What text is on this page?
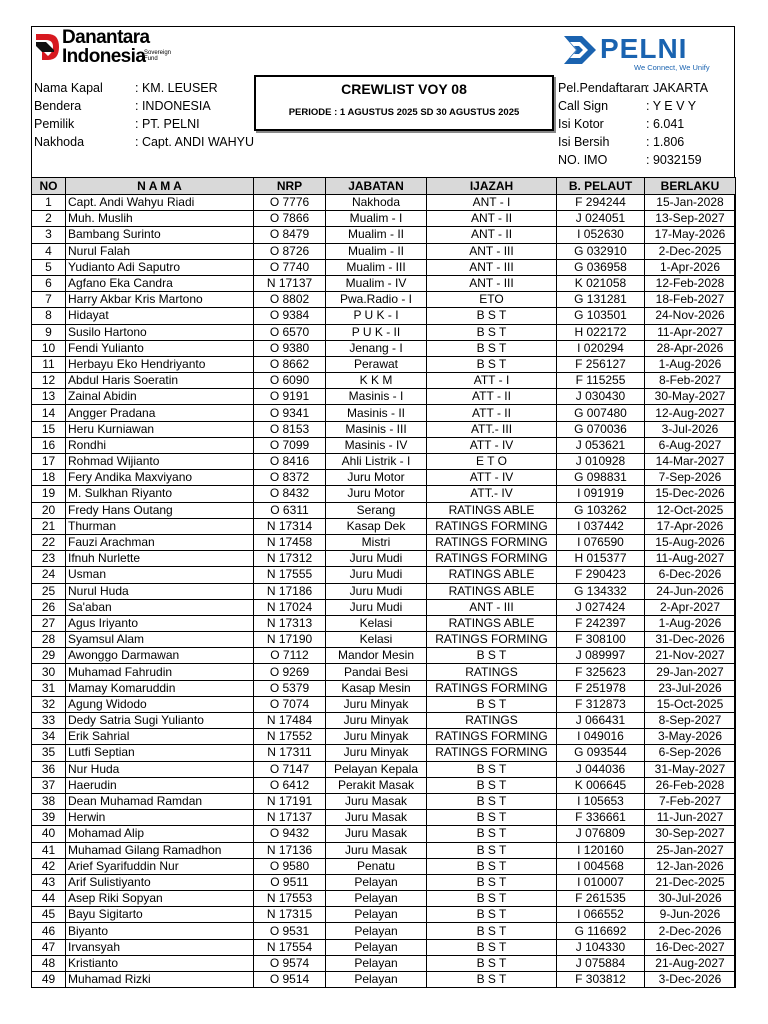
Danantara
Indonesia
Sovereign Fund	PELNI
We Connect, We Unify
Nama Kapal	: KM. LEUSER
Bendera	: INDONESIA
Pemilik	: PT. PELNI
Nakhoda	: Capt. ANDI WAHYU
CREWLIST VOY 08
PERIODE : 1 AGUSTUS 2025 SD 30 AGUSTUS 2025
Pel.Pendaftaran: JAKARTA
Call Sign	: Y E V Y
Isi Kotor	: 6.041
Isi Bersih	: 1.806
NO. IMO	: 9032159
NO	N A M A	NRP	JABATAN	IJAZAH	B. PELAUT	BERLAKU
1	Capt. Andi Wahyu Riadi	O 7776	Nakhoda	ANT - I	F 294244	15-Jan-2028
2	Muh. Muslih	O 7866	Mualim - I	ANT - II	J 024051	13-Sep-2027
3	Bambang Surinto	O 8479	Mualim - II	ANT - II	I 052630	17-May-2026
4	Nurul Falah	O 8726	Mualim - II	ANT - III	G 032910	2-Dec-2025
5	Yudianto Adi Saputro	O 7740	Mualim - III	ANT - III	G 036958	1-Apr-2026
6	Agfano Eka Candra	N 17137	Mualim - IV	ANT - III	K 021058	12-Feb-2028
7	Harry Akbar Kris Martono	O 8802	Pwa.Radio - I	ETO	G 131281	18-Feb-2027
8	Hidayat	O 9384	P U K - I	B S T	G 103501	24-Nov-2026
9	Susilo Hartono	O 6570	P U K - II	B S T	H 022172	11-Apr-2027
10	Fendi Yulianto	O 9380	Jenang - I	B S T	I 020294	28-Apr-2026
11	Herbayu Eko Hendriyanto	O 8662	Perawat	B S T	F 256127	1-Aug-2026
12	Abdul Haris Soeratin	O 6090	K K M	ATT - I	F 115255	8-Feb-2027
13	Zainal Abidin	O 9191	Masinis - I	ATT - II	J 030430	30-May-2027
14	Angger Pradana	O 9341	Masinis - II	ATT - II	G 007480	12-Aug-2027
15	Heru Kurniawan	O 8153	Masinis - III	ATT.- III	G 070036	3-Jul-2026
16	Rondhi	O 7099	Masinis - IV	ATT - IV	J 053621	6-Aug-2027
17	Rohmad Wijianto	O 8416	Ahli Listrik - I	E T O	J 010928	14-Mar-2027
18	Fery Andika Maxviyano	O 8372	Juru Motor	ATT - IV	G 098831	7-Sep-2026
19	M. Sulkhan Riyanto	O 8432	Juru Motor	ATT.- IV	I 091919	15-Dec-2026
20	Fredy Hans Outang	O 6311	Serang	RATINGS ABLE	G 103262	12-Oct-2025
21	Thurman	N 17314	Kasap Dek	RATINGS FORMING	I 037442	17-Apr-2026
22	Fauzi Arachman	N 17458	Mistri	RATINGS FORMING	I 076590	15-Aug-2026
23	Ifnuh Nurlette	N 17312	Juru Mudi	RATINGS FORMING	H 015377	11-Aug-2027
24	Usman	N 17555	Juru Mudi	RATINGS ABLE	F 290423	6-Dec-2026
25	Nurul Huda	N 17186	Juru Mudi	RATINGS ABLE	G 134332	24-Jun-2026
26	Sa'aban	N 17024	Juru Mudi	ANT - III	J 027424	2-Apr-2027
27	Agus Iriyanto	N 17313	Kelasi	RATINGS ABLE	F 242397	1-Aug-2026
28	Syamsul Alam	N 17190	Kelasi	RATINGS FORMING	F 308100	31-Dec-2026
29	Awonggo Darmawan	O 7112	Mandor Mesin	B S T	J 089997	21-Nov-2027
30	Muhamad Fahrudin	O 9269	Pandai Besi	RATINGS	F 325623	29-Jan-2027
31	Mamay Komaruddin	O 5379	Kasap Mesin	RATINGS FORMING	F 251978	23-Jul-2026
32	Agung Widodo	O 7074	Juru Minyak	B S T	F 312873	15-Oct-2025
33	Dedy Satria Sugi Yulianto	N 17484	Juru Minyak	RATINGS	J 066431	8-Sep-2027
34	Erik Sahrial	N 17552	Juru Minyak	RATINGS FORMING	I 049016	3-May-2026
35	Lutfi Septian	N 17311	Juru Minyak	RATINGS FORMING	G 093544	6-Sep-2026
36	Nur Huda	O 7147	Pelayan Kepala	B S T	J 044036	31-May-2027
37	Haerudin	O 6412	Perakit Masak	B S T	K 006645	26-Feb-2028
38	Dean Muhamad Ramdan	N 17191	Juru Masak	B S T	I 105653	7-Feb-2027
39	Herwin	N 17137	Juru Masak	B S T	F 336661	11-Jun-2027
40	Mohamad Alip	O 9432	Juru Masak	B S T	J 076809	30-Sep-2027
41	Muhamad Gilang Ramadhon	N 17136	Juru Masak	B S T	I 120160	25-Jan-2027
42	Arief Syarifuddin Nur	O 9580	Penatu	B S T	I 004568	12-Jan-2026
43	Arif Sulistiyanto	O 9511	Pelayan	B S T	I 010007	21-Dec-2025
44	Asep Riki Sopyan	N 17553	Pelayan	B S T	F 261535	30-Jul-2026
45	Bayu Sigitarto	N 17315	Pelayan	B S T	I 066552	9-Jun-2026
46	Biyanto	O 9531	Pelayan	B S T	G 116692	2-Dec-2026
47	Irvansyah	N 17554	Pelayan	B S T	J 104330	16-Dec-2027
48	Kristianto	O 9574	Pelayan	B S T	J 075884	21-Aug-2027
49	Muhamad Rizki	O 9514	Pelayan	B S T	F 303812	3-Dec-2026
